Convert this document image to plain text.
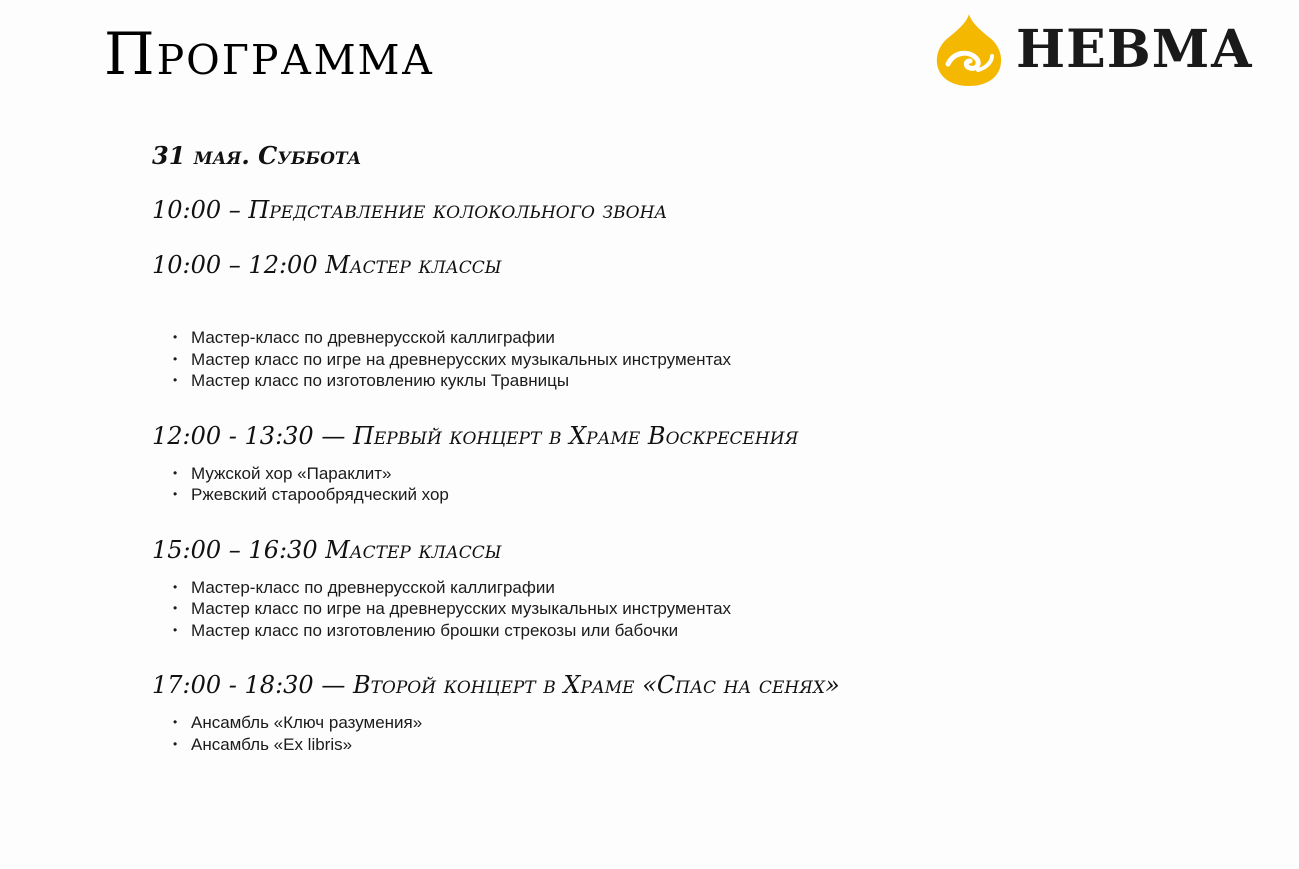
Программа	НЕВМА
31 мая. Суббота
10:00 – Представление колокольного звона
10:00 – 12:00 Мастер классы
• Мастер-класс по древнерусской каллиграфии
• Мастер класс по игре на древнерусских музыкальных инструментах
• Мастер класс по изготовлению куклы Травницы
12:00 - 13:30 — Первый концерт в Храме Воскресения
• Мужской хор «Параклит»
• Ржевский старообрядческий хор
15:00 – 16:30 Мастер классы
• Мастер-класс по древнерусской каллиграфии
• Мастер класс по игре на древнерусских музыкальных инструментах
• Мастер класс по изготовлению брошки стрекозы или бабочки
17:00 - 18:30 — Второй концерт в Храме «Спас на сенях»
• Ансамбль «Ключ разумения»
• Ансамбль «Ex libris»
